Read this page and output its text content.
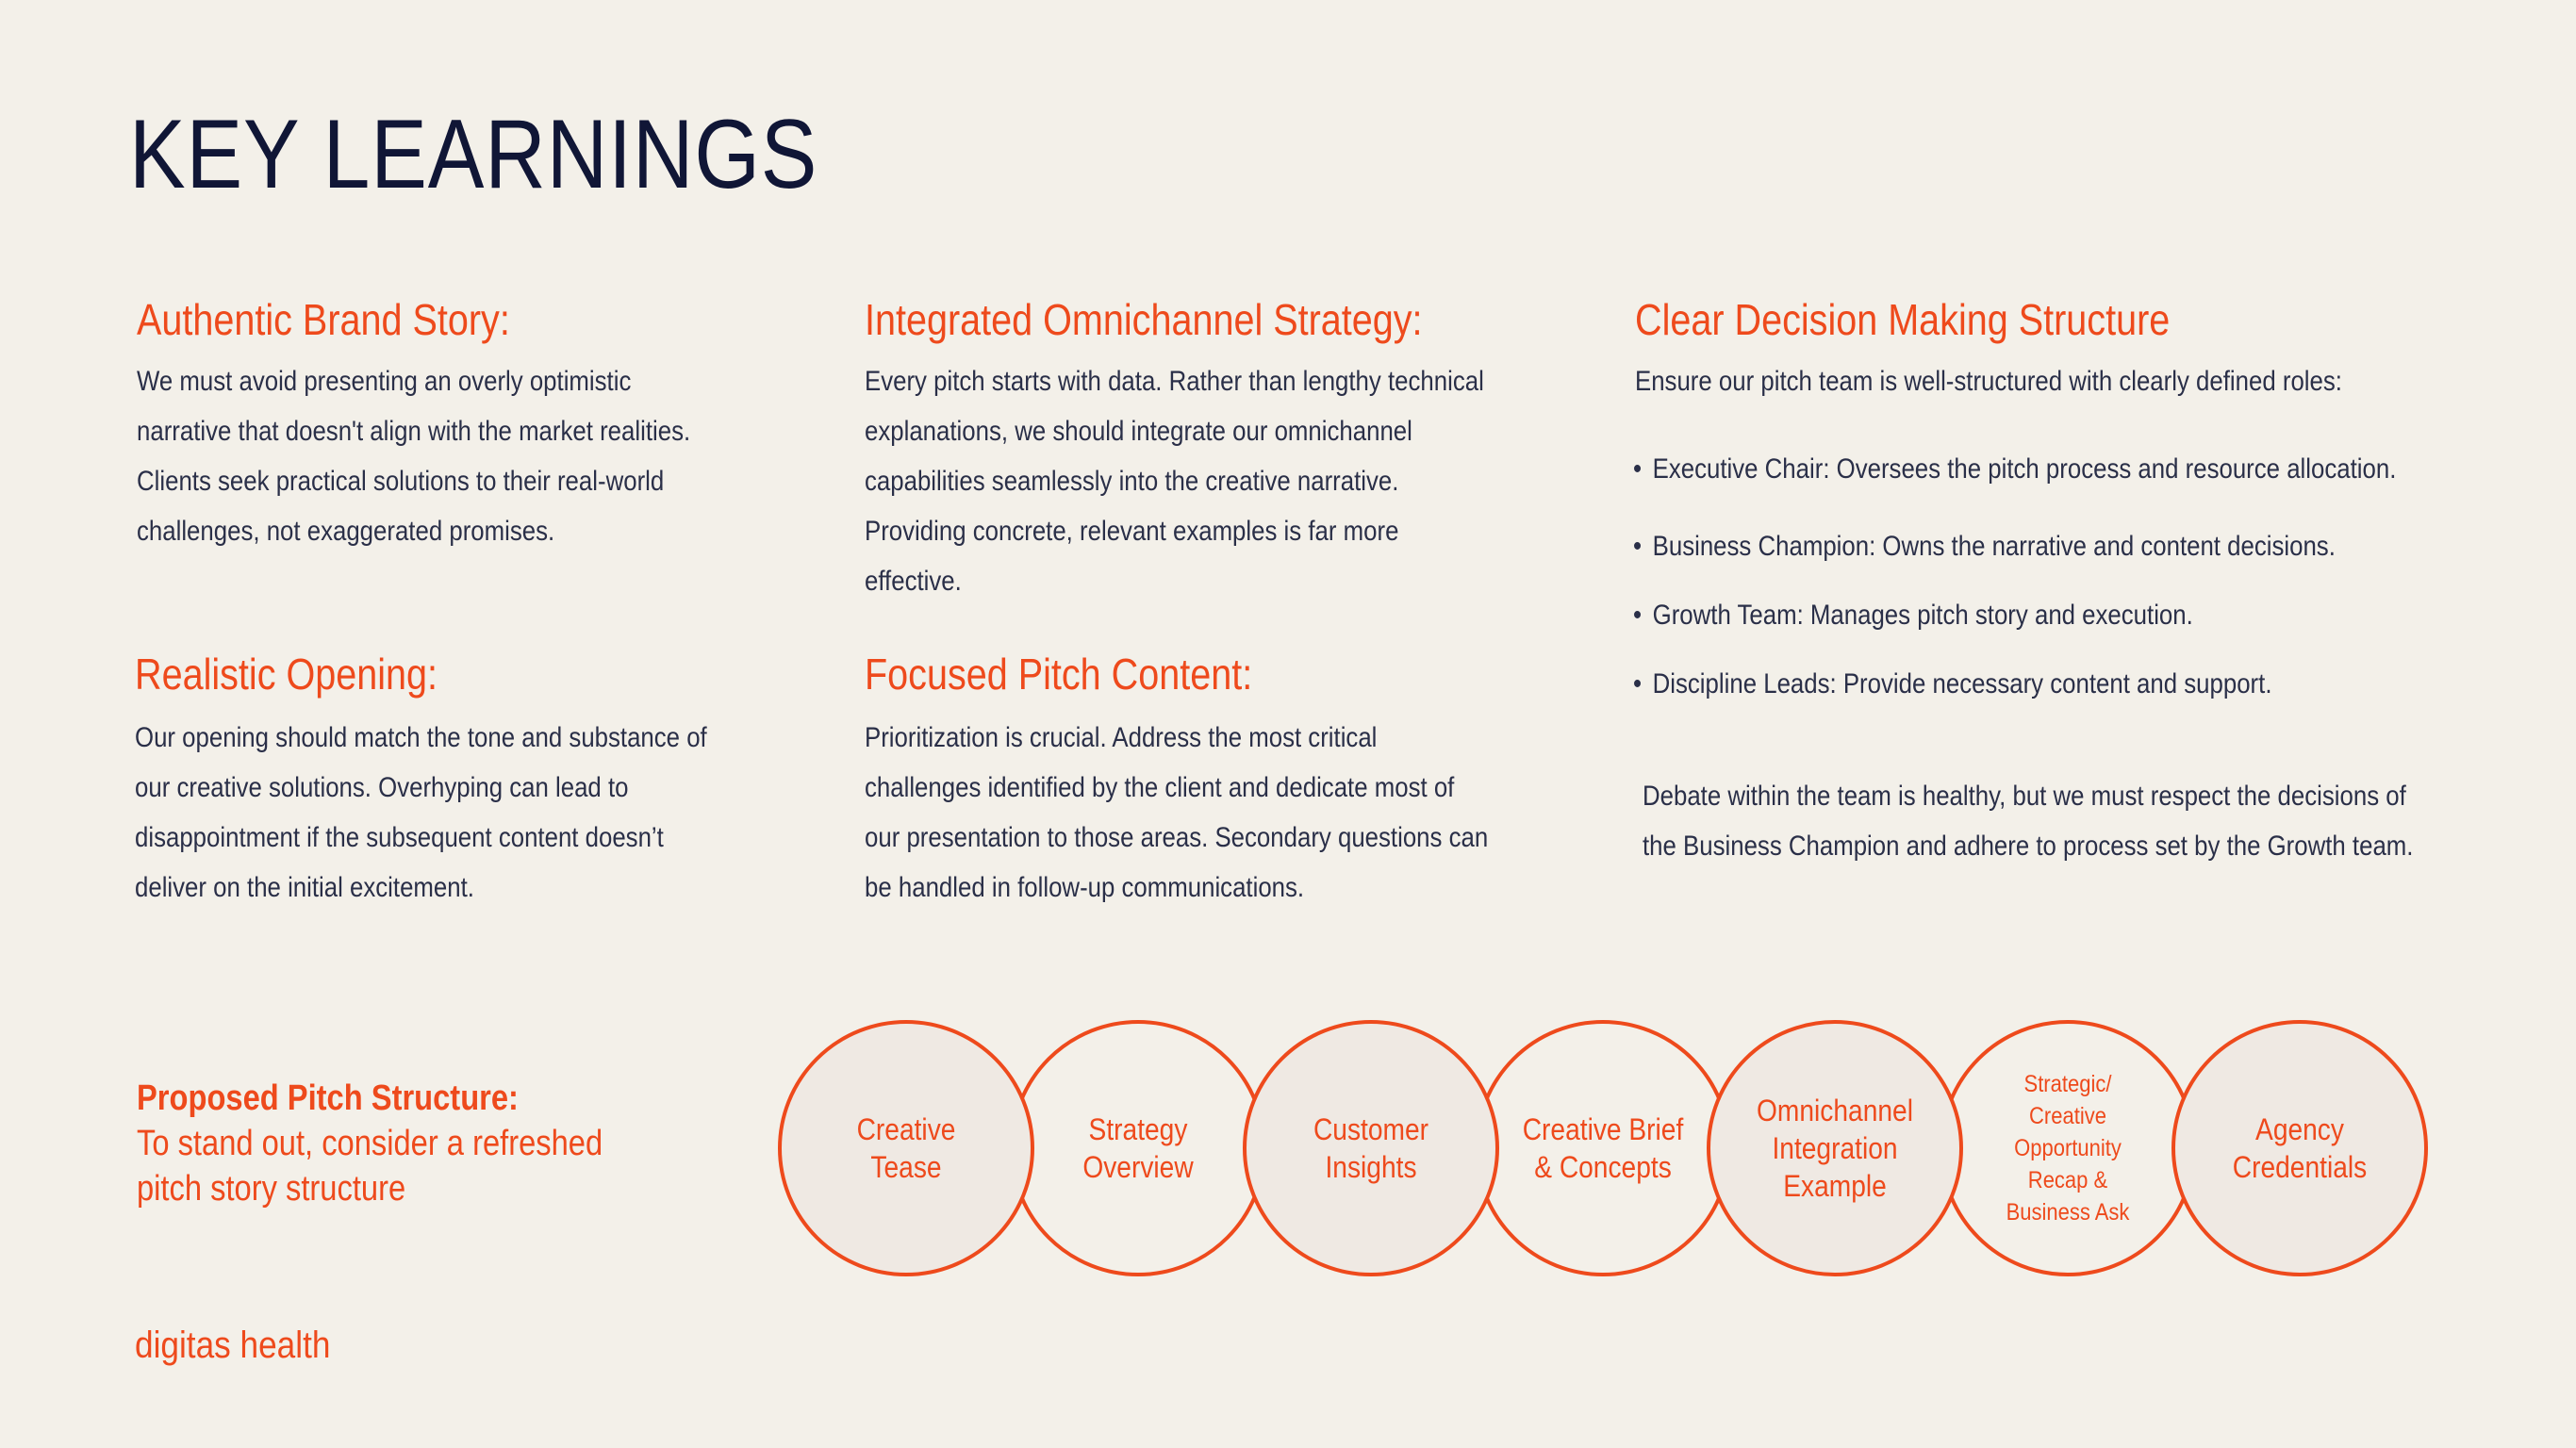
KEY LEARNINGS
Authentic Brand Story:
We must avoid presenting an overly optimistic
narrative that doesn't align with the market realities.
Clients seek practical solutions to their real-world
challenges, not exaggerated promises.
Realistic Opening:
Our opening should match the tone and substance of
our creative solutions. Overhyping can lead to
disappointment if the subsequent content doesn’t
deliver on the initial excitement.
Integrated Omnichannel Strategy:
Every pitch starts with data. Rather than lengthy technical
explanations, we should integrate our omnichannel
capabilities seamlessly into the creative narrative.
Providing concrete, relevant examples is far more
effective.
Focused Pitch Content:
Prioritization is crucial. Address the most critical
challenges identified by the client and dedicate most of
our presentation to those areas. Secondary questions can
be handled in follow-up communications.
Clear Decision Making Structure
Ensure our pitch team is well-structured with clearly defined roles:
• Executive Chair: Oversees the pitch process and resource allocation.
• Business Champion: Owns the narrative and content decisions.
• Growth Team: Manages pitch story and execution.
• Discipline Leads: Provide necessary content and support.
Debate within the team is healthy, but we must respect the decisions of
the Business Champion and adhere to process set by the Growth team.
Proposed Pitch Structure:
To stand out, consider a refreshed
pitch story structure
Creative Tease
Strategy Overview
Customer Insights
Creative Brief & Concepts
Omnichannel Integration Example
Strategic/ Creative Opportunity Recap & Business Ask
Agency Credentials
digitas health
